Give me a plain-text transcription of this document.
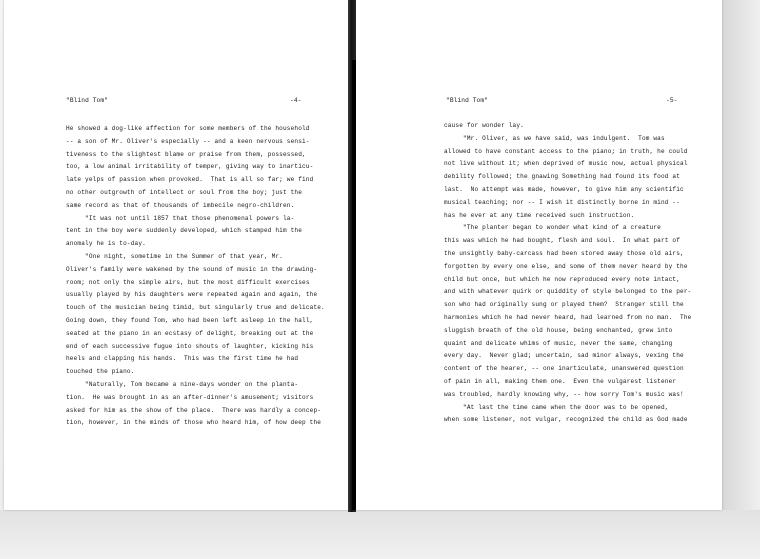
"Blind Tom"	-4-

He showed a dog-like affection for some members of the household

-- a son of Mr. Oliver's especially -- and a keen nervous sensi-

tiveness to the slightest blame or praise from them, possessed,

too, a low animal irritability of temper, giving way to inarticu-

late yelps of passion when provoked.  That is all so far; we find

no other outgrowth of intellect or soul from the boy; just the

same record as that of thousands of imbecile negro-children.

"It was not until 1857 that those phenomenal powers la-

tent in the boy were suddenly developed, which stamped him the

anomaly he is to-day.

"One night, sometime in the Summer of that year, Mr.

Oliver's family were wakened by the sound of music in the drawing-

room; not only the simple airs, but the most difficult exercises

usually played by his daughters were repeated again and again, the

touch of the musician being timid, but singularly true and delicate.

Going down, they found Tom, who had been left asleep in the hall,

seated at the piano in an ecstasy of delight, breaking out at the

end of each successive fugue into shouts of laughter, kicking his

heels and clapping his hands.  This was the first time he had

touched the piano.

"Naturally, Tom became a nine-days wonder on the planta-

tion.  He was brought in as an after-dinner's amusement; visitors

asked for him as the show of the place.  There was hardly a concep-

tion, however, in the minds of those who heard him, of how deep the

"Blind Tom"	-5-

cause for wonder lay.

"Mr. Oliver, as we have said, was indulgent.  Tom was

allowed to have constant access to the piano; in truth, he could

not live without it; when deprived of music now, actual physical

debility followed; the gnawing Something had found its food at

last.  No attempt was made, however, to give him any scientific

musical teaching; nor -- I wish it distinctly borne in mind --

has he ever at any time received such instruction.

"The planter began to wonder what kind of a creature

this was which he had bought, flesh and soul.  In what part of

the unsightly baby-carcass had been stored away those old airs,

forgotten by every one else, and some of them never heard by the

child but once, but which he now reproduced every note intact,

and with whatever quirk or quiddity of style belonged to the per-

son who had originally sung or played them?  Stranger still the

harmonies which he had never heard, had learned from no man.  The

sluggish breath of the old house, being enchanted, grew into

quaint and delicate whims of music, never the same, changing

every day.  Never glad; uncertain, sad minor always, vexing the

content of the hearer, -- one inarticulate, unanswered question

of pain in all, making them one.  Even the vulgarest listener

was troubled, hardly knowing why, -- how sorry Tom's music was!

"At last the time came when the door was to be opened,

when some listener, not vulgar, recognized the child as God made
